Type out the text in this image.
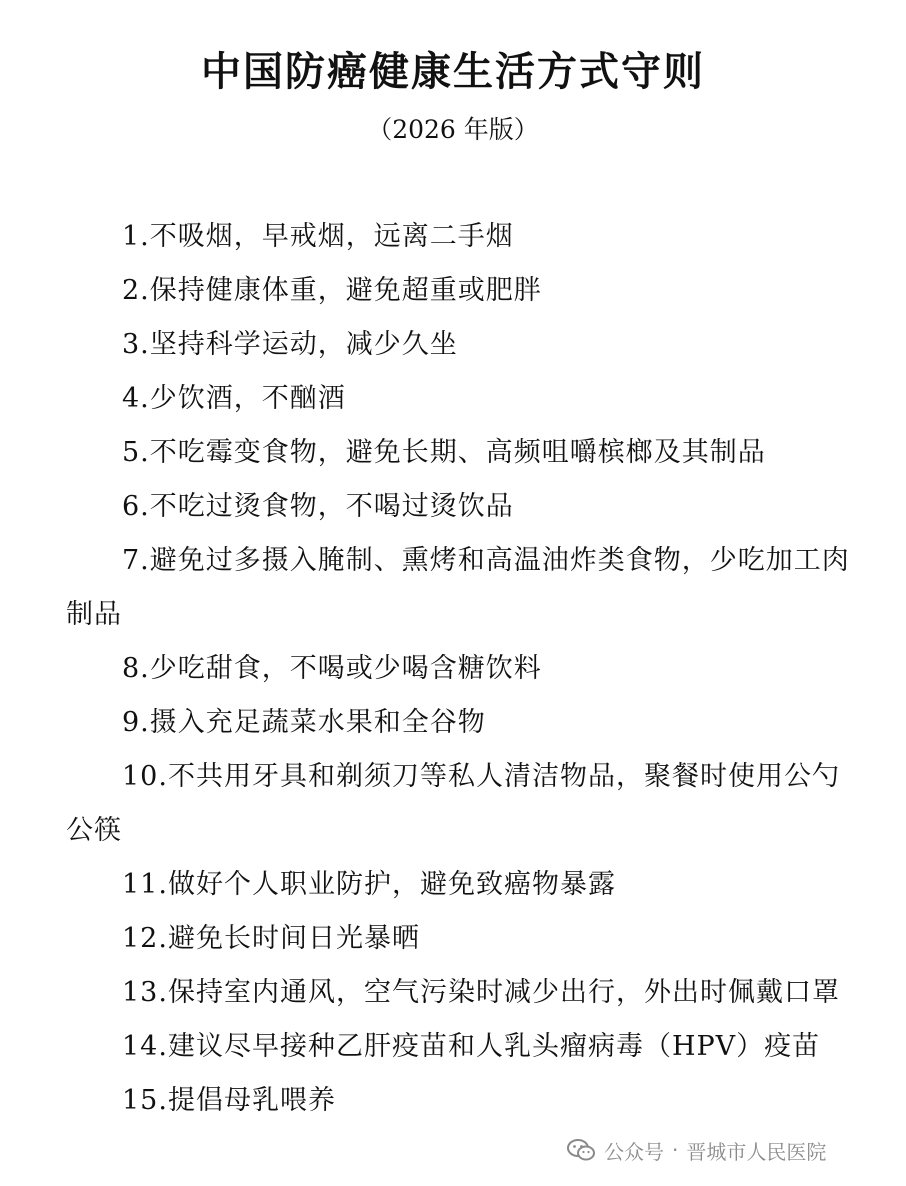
中国防癌健康生活方式守则

（2026 年版）

1.不吸烟，早戒烟，远离二手烟
2.保持健康体重，避免超重或肥胖
3.坚持科学运动，减少久坐
4.少饮酒，不酗酒
5.不吃霉变食物，避免长期、高频咀嚼槟榔及其制品
6.不吃过烫食物，不喝过烫饮品
7.避免过多摄入腌制、熏烤和高温油炸类食物，少吃加工肉制品
8.少吃甜食，不喝或少喝含糖饮料
9.摄入充足蔬菜水果和全谷物
10.不共用牙具和剃须刀等私人清洁物品，聚餐时使用公勺公筷
11.做好个人职业防护，避免致癌物暴露
12.避免长时间日光暴晒
13.保持室内通风，空气污染时减少出行，外出时佩戴口罩
14.建议尽早接种乙肝疫苗和人乳头瘤病毒（HPV）疫苗
15.提倡母乳喂养
公众号 · 晋城市人民医院
